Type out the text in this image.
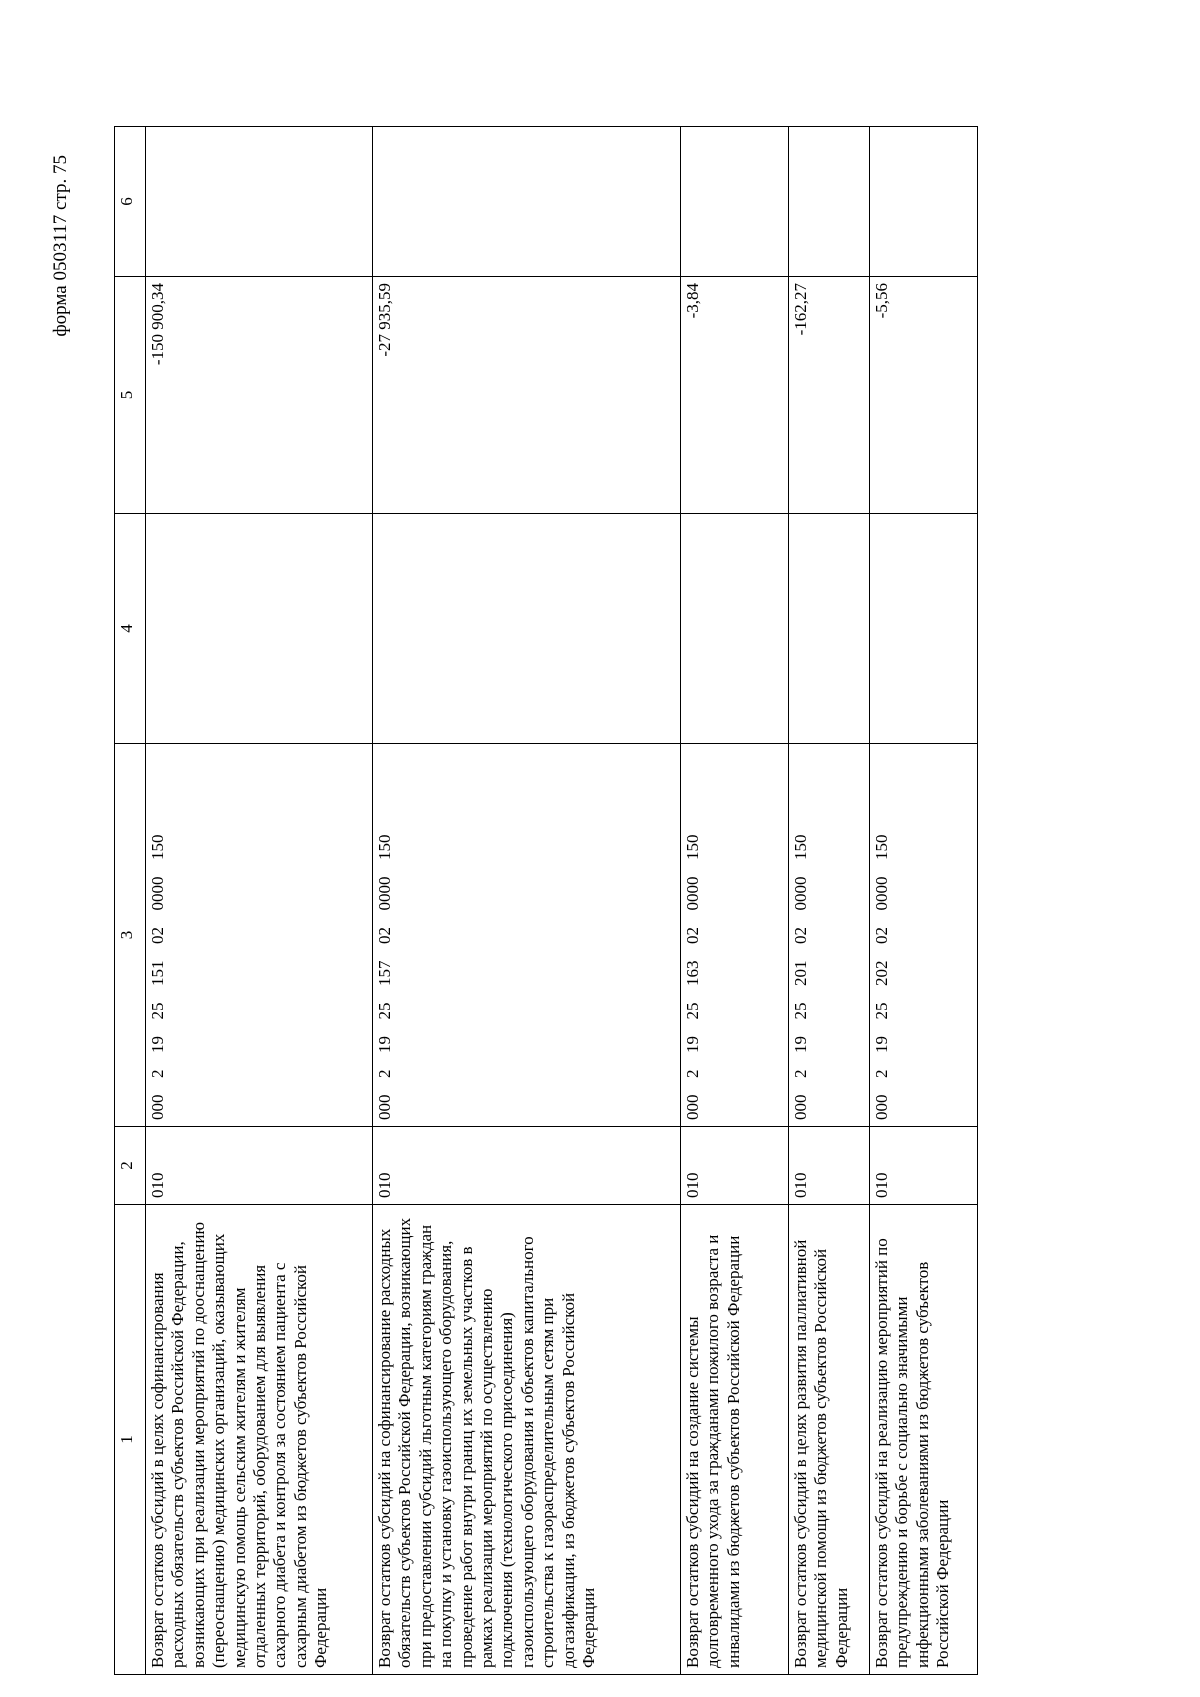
форма 0503117 стр. 75
1	2	3	4	5	6
Возврат остатков субсидий в целях софинансирования расходных обязательств субъектов Российской Федерации, возникающих при реализации мероприятий по дооснащению (переоснащению) медицинских организаций, оказывающих медицинскую помощь сельским жителям и жителям отдаленных территорий, оборудованием для выявления сахарного диабета и контроля за состоянием пациента с сахарным диабетом из бюджетов субъектов Российской Федерации	010	000  2  19  25  151  02  0000  150		-150 900,34	
Возврат остатков субсидий на софинансирование расходных обязательств субъектов Российской Федерации, возникающих при предоставлении субсидий льготным категориям граждан на покупку и установку газоиспользующего оборудования, проведение работ внутри границ их земельных участков в рамках реализации мероприятий по осуществлению подключения (технологического присоединения) газоиспользующего оборудования и объектов капитального строительства к газораспределительным сетям при догазификации, из бюджетов субъектов Российской Федерации	010	000  2  19  25  157  02  0000  150		-27 935,59	
Возврат остатков субсидий на создание системы долговременного ухода за гражданами пожилого возраста и инвалидами из бюджетов субъектов Российской Федерации	010	000  2  19  25  163  02  0000  150		-3,84	
Возврат остатков субсидий в целях развития паллиативной медицинской помощи из бюджетов субъектов Российской Федерации	010	000  2  19  25  201  02  0000  150		-162,27	
Возврат остатков субсидий на реализацию мероприятий по предупреждению и борьбе с социально значимыми инфекционными заболеваниями из бюджетов субъектов Российской Федерации	010	000  2  19  25  202  02  0000  150		-5,56	
